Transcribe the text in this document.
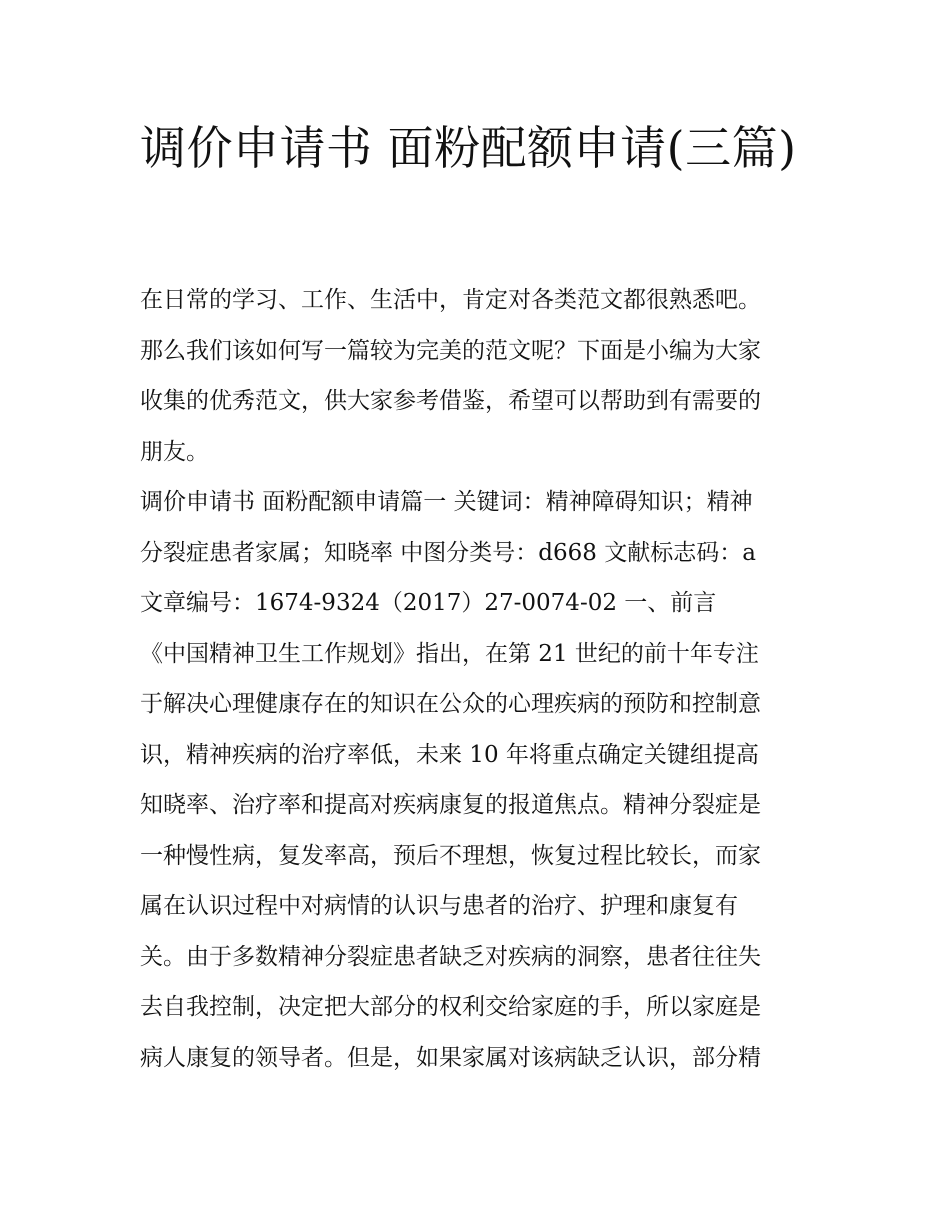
调价申请书 面粉配额申请(三篇)

在日常的学习、工作、生活中，肯定对各类范文都很熟悉吧。

那么我们该如何写一篇较为完美的范文呢？下面是小编为大家

收集的优秀范文，供大家参考借鉴，希望可以帮助到有需要的

朋友。

调价申请书 面粉配额申请篇一 关键词：精神障碍知识；精神

分裂症患者家属；知晓率 中图分类号：d668 文献标志码：a

文章编号：1674-9324（2017）27-0074-02 一、前言

《中国精神卫生工作规划》指出，在第 21 世纪的前十年专注

于解决心理健康存在的知识在公众的心理疾病的预防和控制意

识，精神疾病的治疗率低，未来 10 年将重点确定关键组提高

知晓率、治疗率和提高对疾病康复的报道焦点。精神分裂症是

一种慢性病，复发率高，预后不理想，恢复过程比较长，而家

属在认识过程中对病情的认识与患者的治疗、护理和康复有

关。由于多数精神分裂症患者缺乏对疾病的洞察，患者往往失

去自我控制，决定把大部分的权利交给家庭的手，所以家庭是

病人康复的领导者。但是，如果家属对该病缺乏认识，部分精
